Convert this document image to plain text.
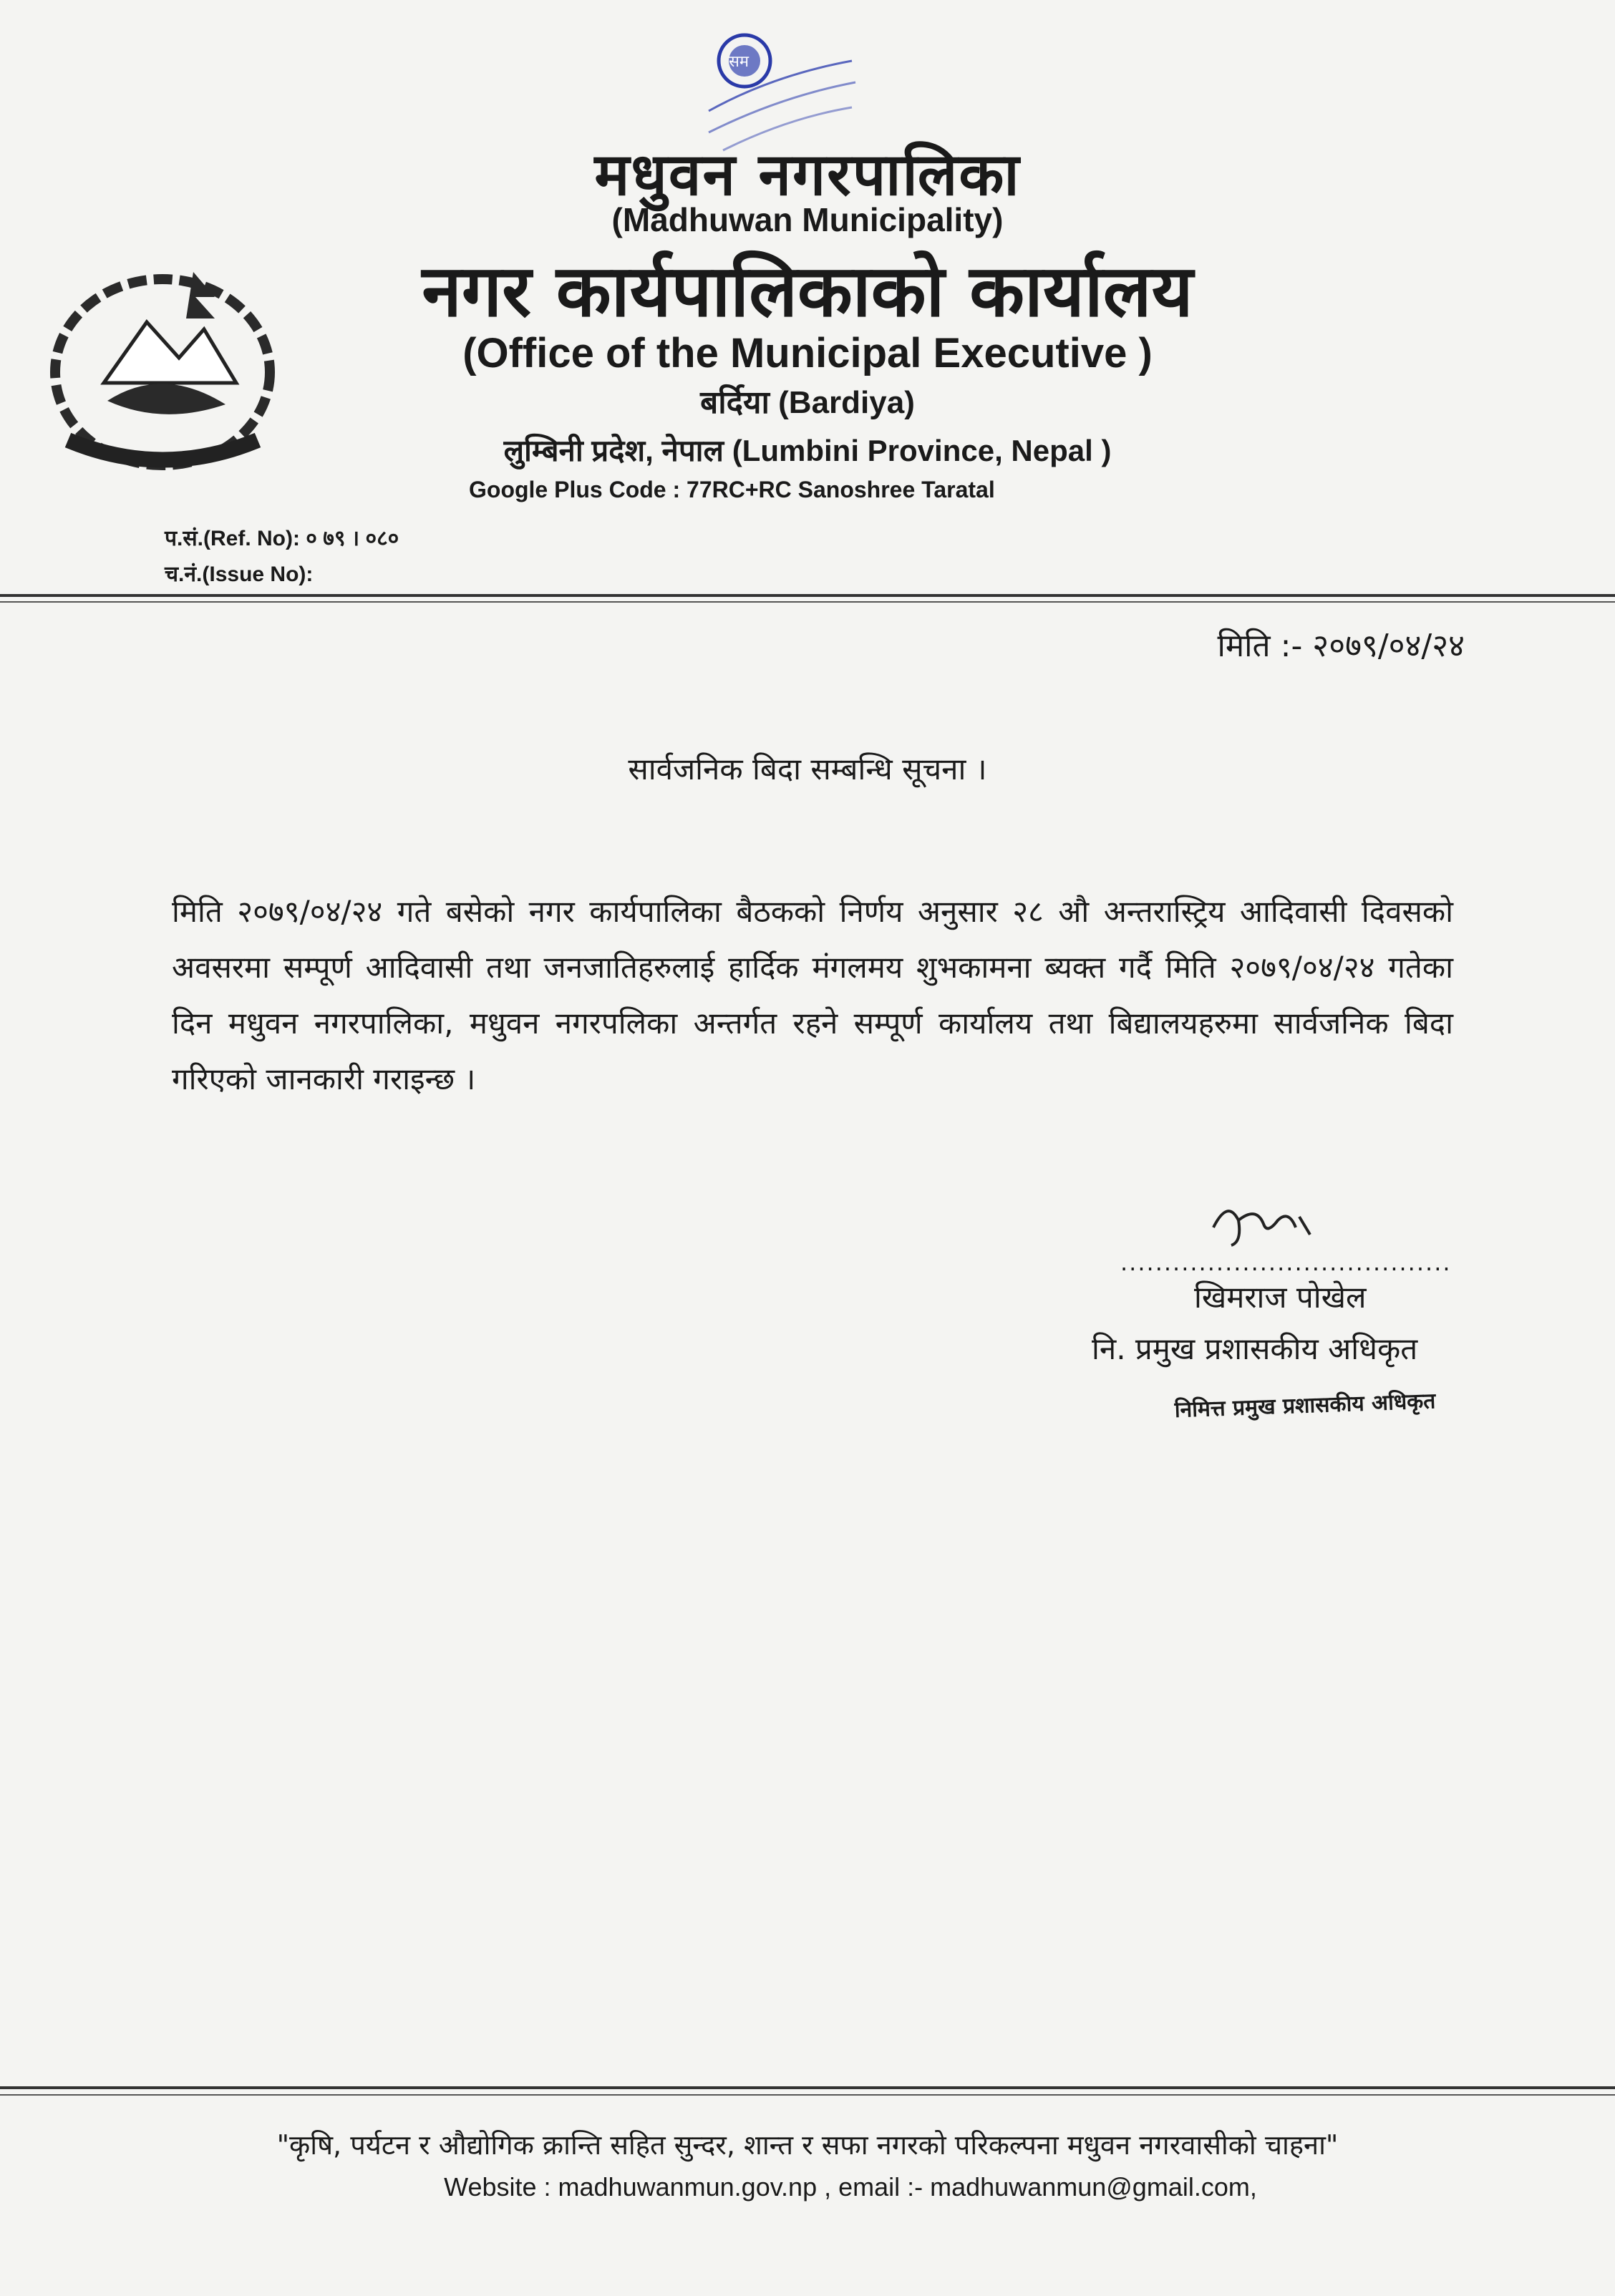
सम
मधुवन नगरपालिका
(Madhuwan Municipality)
नगर कार्यपालिकाको कार्यालय
(Office of the Municipal Executive )
बर्दिया (Bardiya)
लुम्बिनी प्रदेश, नेपाल (Lumbini Province, Nepal )
Google Plus Code : 77RC+RC Sanoshree Taratal
प.सं.(Ref. No): ० ७९ । ०८०
च.नं.(Issue No):
मिति :- २०७९/०४/२४
सार्वजनिक बिदा सम्बन्धि सूचना ।
मिति २०७९/०४/२४ गते बसेको नगर कार्यपालिका बैठकको निर्णय अनुसार २८ औ अन्तरास्ट्रिय आदिवासी दिवसको अवसरमा सम्पूर्ण आदिवासी तथा जनजातिहरुलाई हार्दिक मंगलमय शुभकामना ब्यक्त गर्दै मिति २०७९/०४/२४ गतेका दिन मधुवन नगरपालिका, मधुवन नगरपलिका अन्तर्गत रहने सम्पूर्ण कार्यालय तथा बिद्यालयहरुमा सार्वजनिक बिदा गरिएको जानकारी गराइन्छ ।
......................................
खिमराज पोखेल
नि. प्रमुख प्रशासकीय अधिकृत
निमित्त प्रमुख प्रशासकीय अधिकृत
"कृषि, पर्यटन र औद्योगिक क्रान्ति सहित सुन्दर, शान्त र सफा नगरको परिकल्पना मधुवन नगरवासीको चाहना"
Website : madhuwanmun.gov.np , email :- madhuwanmun@gmail.com,
